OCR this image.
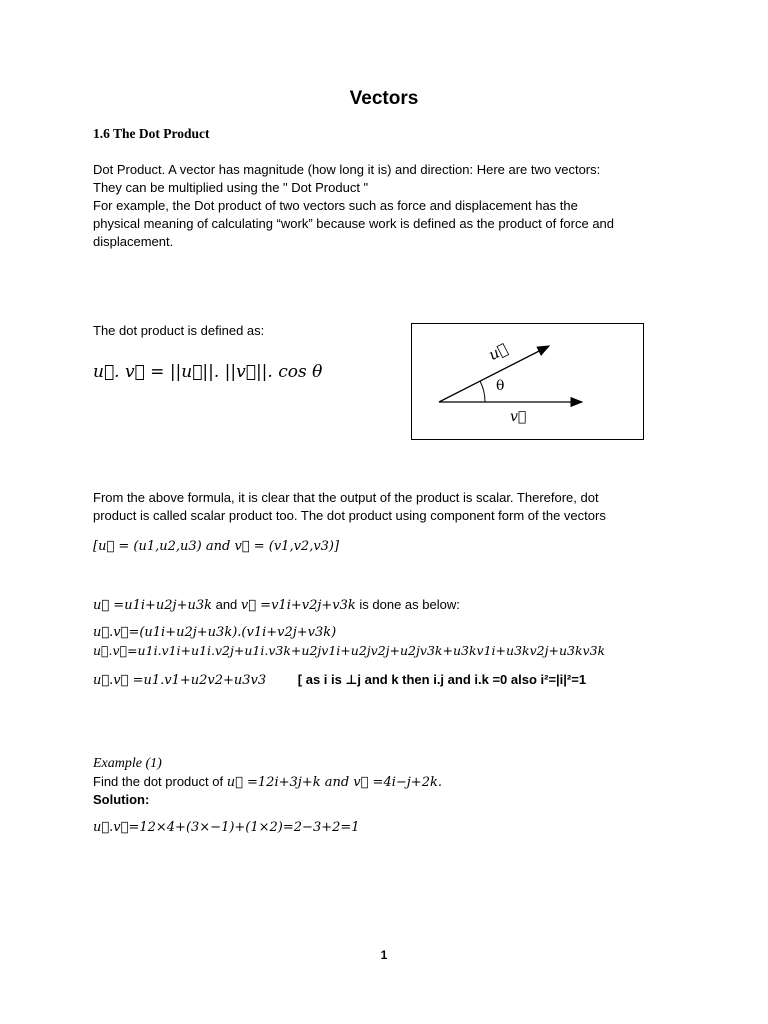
Vectors
1.6 The Dot Product
Dot Product. A vector has magnitude (how long it is) and direction: Here are two vectors:
They can be multiplied using the " Dot Product "
For example, the Dot product of two vectors such as force and displacement has the
physical meaning of calculating “work” because work is defined as the product of force and
displacement.
The dot product is defined as:
u⃗. v⃗ = ||u⃗||. ||v⃗||. cos θ
u⃗
θ
v⃗
From the above formula, it is clear that the output of the product is scalar. Therefore, dot
product is called scalar product too. The dot product using component form of the vectors
[u⃗ = (u1,u2,u3) and v⃗ = (v1,v2,v3)]
u⃗ =u1i+u2j+u3k and v⃗ =v1i+v2j+v3k is done as below:
u⃗.v⃗=(u1i+u2j+u3k).(v1i+v2j+v3k)
u⃗.v⃗=u1i.v1i+u1i.v2j+u1i.v3k+u2jv1i+u2jv2j+u2jv3k+u3kv1i+u3kv2j+u3kv3k
u⃗.v⃗ =u1.v1+u2v2+u3v3 [ as i is ⊥j and k then i.j and i.k =0 also i²=|i|²=1
Example (1)
Find the dot product of u⃗ =12i+3j+k and v⃗ =4i−j+2k.
Solution:
u⃗.v⃗=12×4+(3×−1)+(1×2)=2−3+2=1
1
